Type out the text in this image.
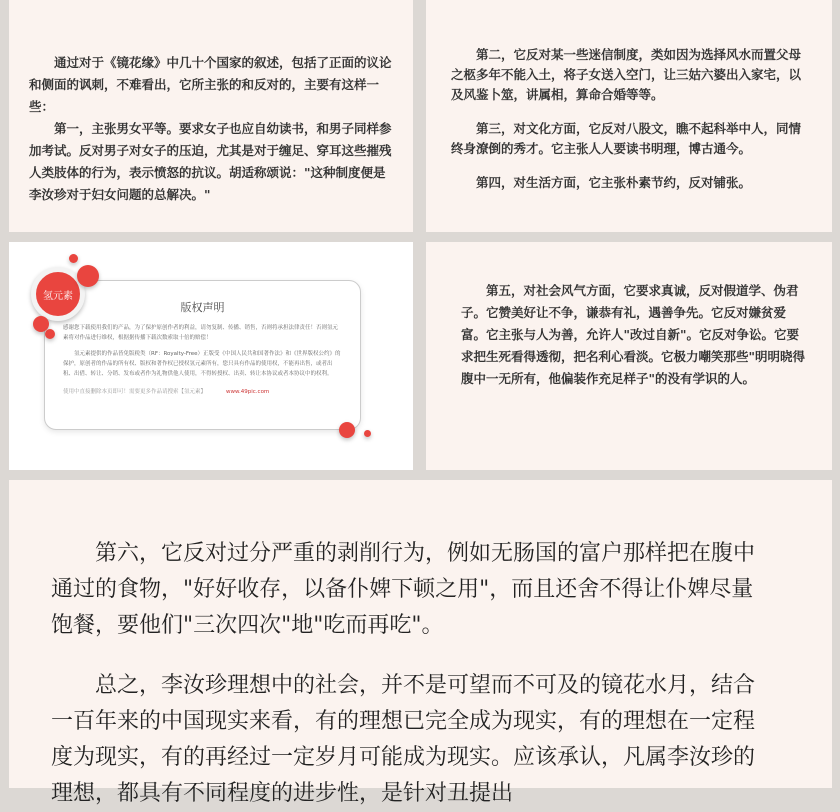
通过对于《镜花缘》中几十个国家的叙述，包括了正面的议论和侧面的讽刺，不难看出，它所主张的和反对的，主要有这样一些：

第一，主张男女平等。要求女子也应自幼读书，和男子同样参加考试。反对男子对女子的压迫，尤其是对于缠足、穿耳这些摧残人类肢体的行为，表示愤怒的抗议。胡适称颂说："这种制度便是李汝珍对于妇女问题的总解决。"

第二，它反对某一些迷信制度，类如因为选择风水而置父母之柩多年不能入土，将子女送入空门，让三姑六婆出入家宅，以及风鉴卜筮，讲属相，算命合婚等等。

第三，对文化方面，它反对八股文，瞧不起科举中人，同情终身潦倒的秀才。它主张人人要读书明理，博古通今。

第四，对生活方面，它主张朴素节约，反对铺张。

版权声明
感谢您下载使用我们的产品，为了保护原创作者的利益，请勿复制、传播、销售，否则将承担法律责任！否则氢元素将对作品进行维权，根据据传播下载次数索取十倍的赔偿！
氢元素提供的作品皆免版税类（RF：Royalty-Free）正版受《中国人民共和国著作法》和《世界版权公约》的保护，原创者的作品的所有权、版权和著作权已授权氢元素所有，您只具有作品的使用权，不能再出售，或者出租、出借、转让、分销、发布或者作为礼物供他人使用，不得转授权、出卖、转让本协议或者本协议中的权利。
使用中直接删除本页即可！需要更多作品请搜索【氢元素】	www.49pic.com
氢元素	第五，对社会风气方面，它要求真诚，反对假道学、伪君子。它赞美好让不争，谦恭有礼，遇善争先。它反对嫌贫爱富。它主张与人为善，允许人"改过自新"。它反对争讼。它要求把生死看得透彻，把名利心看淡。它极力嘲笑那些"明明晓得腹中一无所有，他偏装作充足样子"的没有学识的人。

第六，它反对过分严重的剥削行为，例如无肠国的富户那样把在腹中通过的食物，"好好收存，以备仆婢下顿之用"，而且还舍不得让仆婢尽量饱餐，要他们"三次四次"地"吃而再吃"。

总之，李汝珍理想中的社会，并不是可望而不可及的镜花水月，结合一百年来的中国现实来看，有的理想已完全成为现实，有的理想在一定程度为现实，有的再经过一定岁月可能成为现实。应该承认，凡属李汝珍的理想，都具有不同程度的进步性，是针对丑提出
